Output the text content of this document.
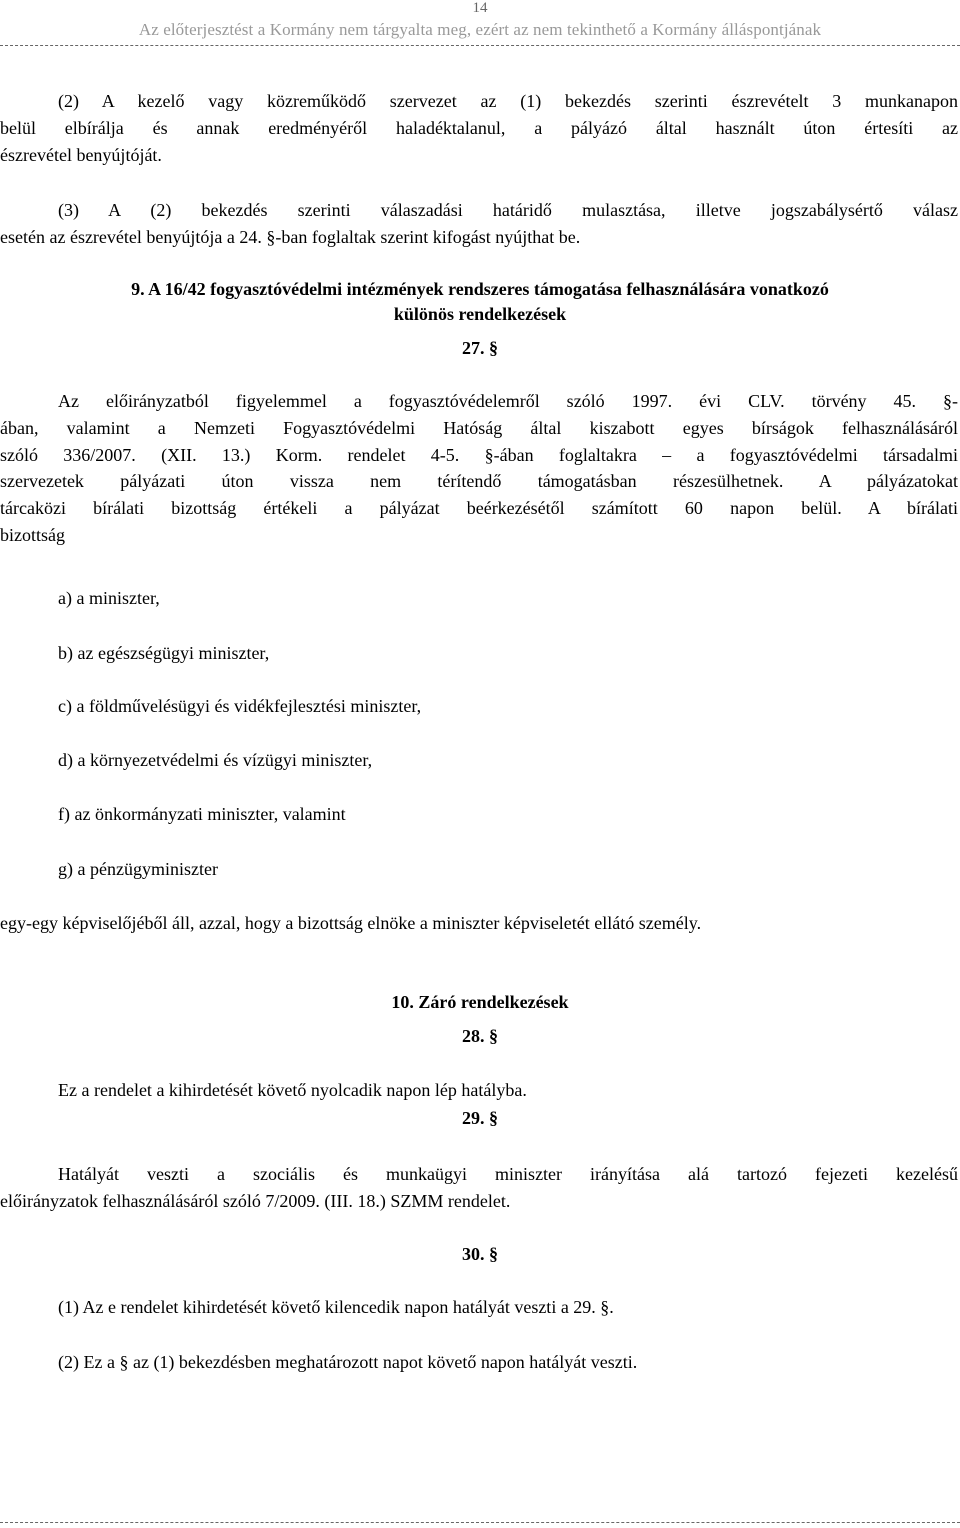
14
Az előterjesztést a Kormány nem tárgyalta meg, ezért az nem tekinthető a Kormány álláspontjának
(2) A kezelő vagy közreműködő szervezet az (1) bekezdés szerinti észrevételt 3 munkanapon
belül elbírálja és annak eredményéről haladéktalanul, a pályázó által használt úton értesíti az
észrevétel benyújtóját.
(3) A (2) bekezdés szerinti válaszadási határidő mulasztása, illetve jogszabálysértő válasz
esetén az észrevétel benyújtója a 24. §-ban foglaltak szerint kifogást nyújthat be.
9. A 16/42 fogyasztóvédelmi intézmények rendszeres támogatása felhasználására vonatkozó
különös rendelkezések
27. §
Az előirányzatból figyelemmel a fogyasztóvédelemről szóló 1997. évi CLV. törvény 45. §-
ában, valamint a Nemzeti Fogyasztóvédelmi Hatóság által kiszabott egyes bírságok felhasználásáról
szóló 336/2007. (XII. 13.) Korm. rendelet 4-5. §-ában foglaltakra – a fogyasztóvédelmi társadalmi
szervezetek pályázati úton vissza nem térítendő támogatásban részesülhetnek. A pályázatokat
tárcaközi bírálati bizottság értékeli a pályázat beérkezésétől számított 60 napon belül. A bírálati
bizottság
a) a miniszter,
b) az egészségügyi miniszter,
c) a földművelésügyi és vidékfejlesztési miniszter,
d) a környezetvédelmi és vízügyi miniszter,
f) az önkormányzati miniszter, valamint
g) a pénzügyminiszter
egy-egy képviselőjéből áll, azzal, hogy a bizottság elnöke a miniszter képviseletét ellátó személy.
10. Záró rendelkezések
28. §
Ez a rendelet a kihirdetését követő nyolcadik napon lép hatályba.
29. §
Hatályát veszti a szociális és munkaügyi miniszter irányítása alá tartozó fejezeti kezelésű
előirányzatok felhasználásáról szóló 7/2009. (III. 18.) SZMM rendelet.
30. §
(1) Az e rendelet kihirdetését követő kilencedik napon hatályát veszti a 29. §.
(2) Ez a § az (1) bekezdésben meghatározott napot követő napon hatályát veszti.
